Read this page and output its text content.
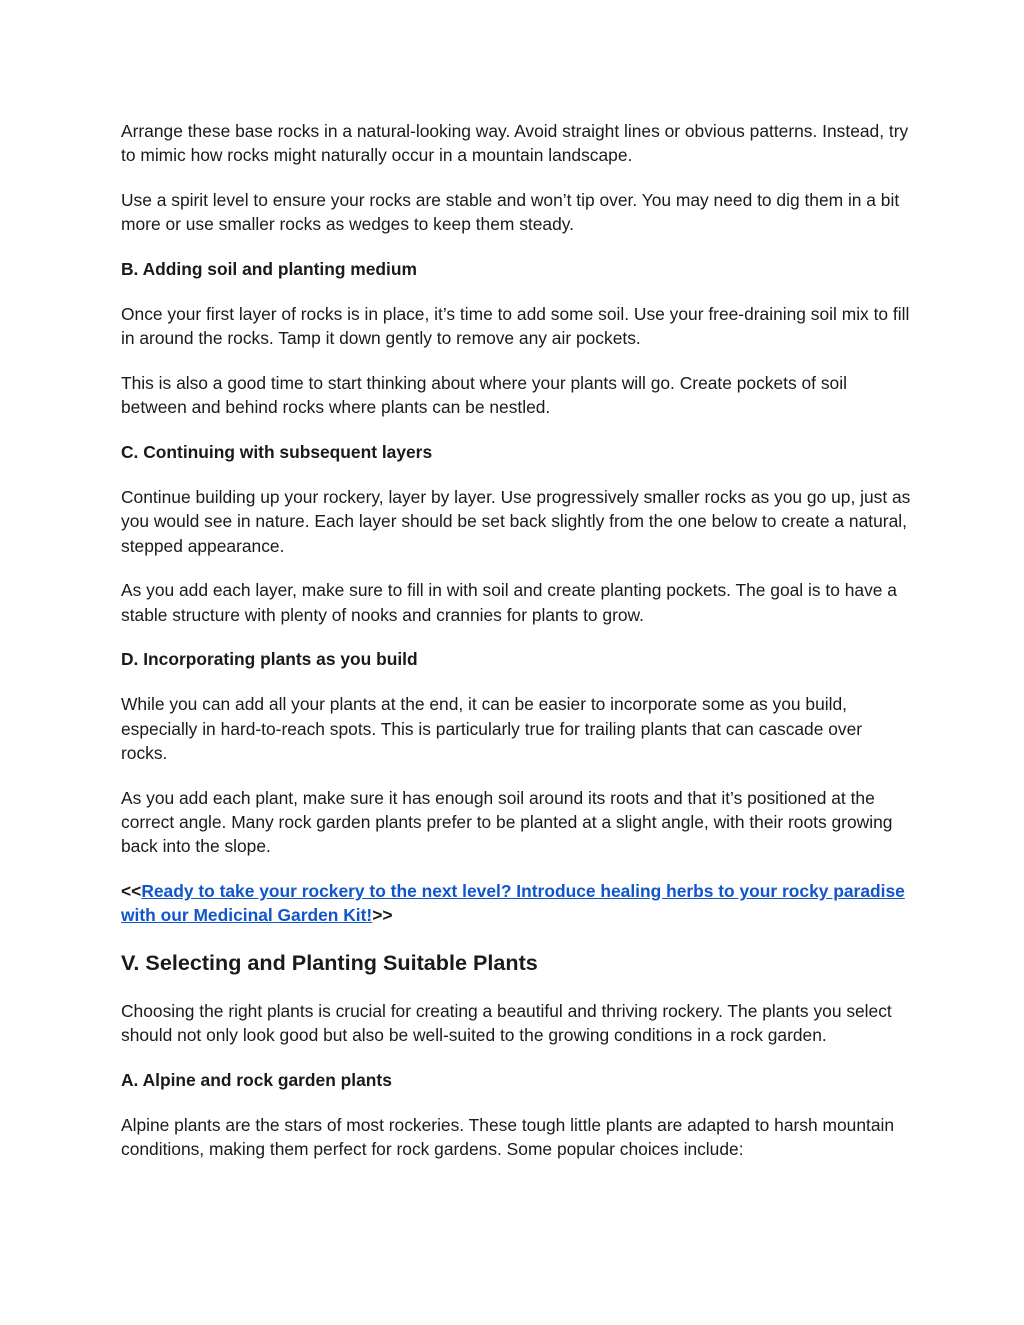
Arrange these base rocks in a natural-looking way. Avoid straight lines or obvious patterns. Instead, try to mimic how rocks might naturally occur in a mountain landscape.

Use a spirit level to ensure your rocks are stable and won’t tip over. You may need to dig them in a bit more or use smaller rocks as wedges to keep them steady.

B. Adding soil and planting medium

Once your first layer of rocks is in place, it’s time to add some soil. Use your free-draining soil mix to fill in around the rocks. Tamp it down gently to remove any air pockets.

This is also a good time to start thinking about where your plants will go. Create pockets of soil between and behind rocks where plants can be nestled.

C. Continuing with subsequent layers

Continue building up your rockery, layer by layer. Use progressively smaller rocks as you go up, just as you would see in nature. Each layer should be set back slightly from the one below to create a natural, stepped appearance.

As you add each layer, make sure to fill in with soil and create planting pockets. The goal is to have a stable structure with plenty of nooks and crannies for plants to grow.

D. Incorporating plants as you build

While you can add all your plants at the end, it can be easier to incorporate some as you build, especially in hard-to-reach spots. This is particularly true for trailing plants that can cascade over rocks.

As you add each plant, make sure it has enough soil around its roots and that it’s positioned at the correct angle. Many rock garden plants prefer to be planted at a slight angle, with their roots growing back into the slope.

<<Ready to take your rockery to the next level? Introduce healing herbs to your rocky paradise with our Medicinal Garden Kit!>>

V. Selecting and Planting Suitable Plants

Choosing the right plants is crucial for creating a beautiful and thriving rockery. The plants you select should not only look good but also be well-suited to the growing conditions in a rock garden.

A. Alpine and rock garden plants

Alpine plants are the stars of most rockeries. These tough little plants are adapted to harsh mountain conditions, making them perfect for rock gardens. Some popular choices include:
